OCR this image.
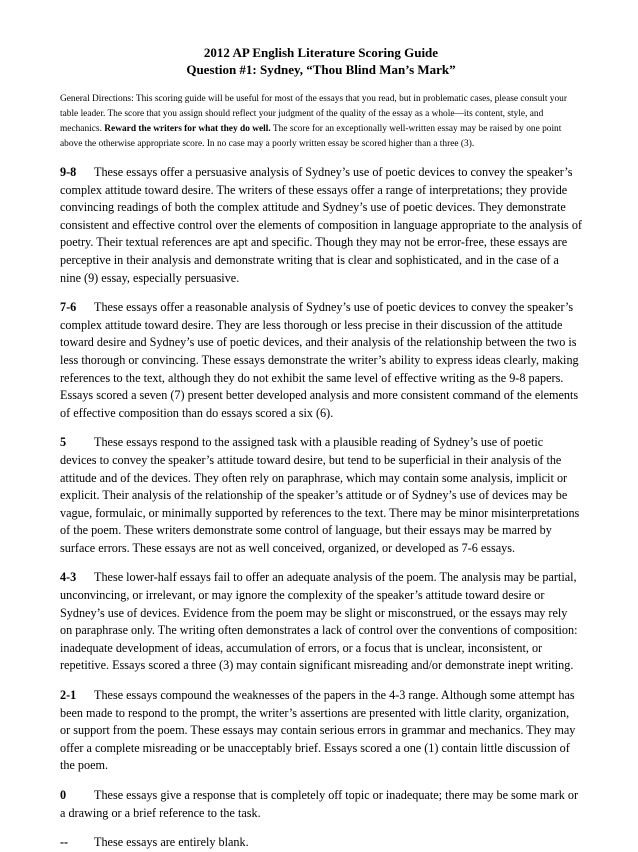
2012 AP English Literature Scoring Guide
Question #1: Sydney, “Thou Blind Man’s Mark”

General Directions: This scoring guide will be useful for most of the essays that you read, but in problematic cases, please consult your table leader. The score that you assign should reflect your judgment of the quality of the essay as a whole—its content, style, and mechanics. Reward the writers for what they do well. The score for an exceptionally well-written essay may be raised by one point above the otherwise appropriate score. In no case may a poorly written essay be scored higher than a three (3).

9-8 These essays offer a persuasive analysis of Sydney’s use of poetic devices to convey the speaker’s complex attitude toward desire. The writers of these essays offer a range of interpretations; they provide convincing readings of both the complex attitude and Sydney’s use of poetic devices. They demonstrate consistent and effective control over the elements of composition in language appropriate to the analysis of poetry. Their textual references are apt and specific. Though they may not be error-free, these essays are perceptive in their analysis and demonstrate writing that is clear and sophisticated, and in the case of a nine (9) essay, especially persuasive.

7-6 These essays offer a reasonable analysis of Sydney’s use of poetic devices to convey the speaker’s complex attitude toward desire. They are less thorough or less precise in their discussion of the attitude toward desire and Sydney’s use of poetic devices, and their analysis of the relationship between the two is less thorough or convincing. These essays demonstrate the writer’s ability to express ideas clearly, making references to the text, although they do not exhibit the same level of effective writing as the 9-8 papers. Essays scored a seven (7) present better developed analysis and more consistent command of the elements of effective composition than do essays scored a six (6).

5 These essays respond to the assigned task with a plausible reading of Sydney’s use of poetic devices to convey the speaker’s attitude toward desire, but tend to be superficial in their analysis of the attitude and of the devices. They often rely on paraphrase, which may contain some analysis, implicit or explicit. Their analysis of the relationship of the speaker’s attitude or of Sydney’s use of devices may be vague, formulaic, or minimally supported by references to the text. There may be minor misinterpretations of the poem. These writers demonstrate some control of language, but their essays may be marred by surface errors. These essays are not as well conceived, organized, or developed as 7-6 essays.

4-3 These lower-half essays fail to offer an adequate analysis of the poem. The analysis may be partial, unconvincing, or irrelevant, or may ignore the complexity of the speaker’s attitude toward desire or Sydney’s use of devices. Evidence from the poem may be slight or misconstrued, or the essays may rely on paraphrase only. The writing often demonstrates a lack of control over the conventions of composition: inadequate development of ideas, accumulation of errors, or a focus that is unclear, inconsistent, or repetitive. Essays scored a three (3) may contain significant misreading and/or demonstrate inept writing.

2-1 These essays compound the weaknesses of the papers in the 4-3 range. Although some attempt has been made to respond to the prompt, the writer’s assertions are presented with little clarity, organization, or support from the poem. These essays may contain serious errors in grammar and mechanics. They may offer a complete misreading or be unacceptably brief. Essays scored a one (1) contain little discussion of the poem.

0 These essays give a response that is completely off topic or inadequate; there may be some mark or a drawing or a brief reference to the task.

-- These essays are entirely blank.
